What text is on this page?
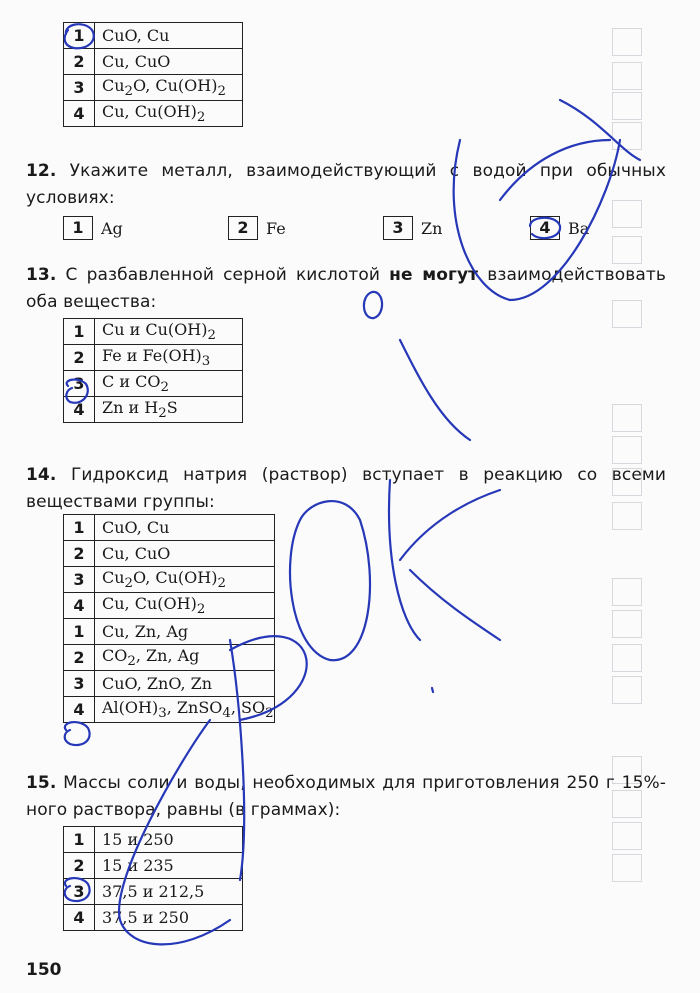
1	CuO, Cu
2	Cu, CuO
3	$Cu_2O$, $Cu(OH)_2$
4	Cu, $Cu(OH)_2$
12. Укажите металл, взаимодействующий с водой при обычных условиях:
1	Ag	2	Fe	3	Zn	4	Ba
13. С разбавленной серной кислотой не могут взаимодействовать оба вещества:
1	Cu и $Cu(OH)_2$
2	Fe и $Fe(OH)_3$
3	C и $CO_2$
4	Zn и $H_2S$
14. Гидроксид натрия (раствор) вступает в реакцию со всеми веществами группы:
1	CuO, Cu
2	Cu, CuO
3	$Cu_2O$, $Cu(OH)_2$
4	Cu, $Cu(OH)_2$
1	Cu, Zn, Ag
2	$CO_2$, Zn, Ag
3	CuO, ZnO, Zn
4	$Al(OH)_3$, ZnSO$_4$, $SO_2$
15. Массы соли и воды, необходимых для приготовления 250 г 15%-ного раствора, равны (в граммах):
1	15 и 250
2	15 и 235
3	37,5 и 212,5
4	37,5 и 250
150
